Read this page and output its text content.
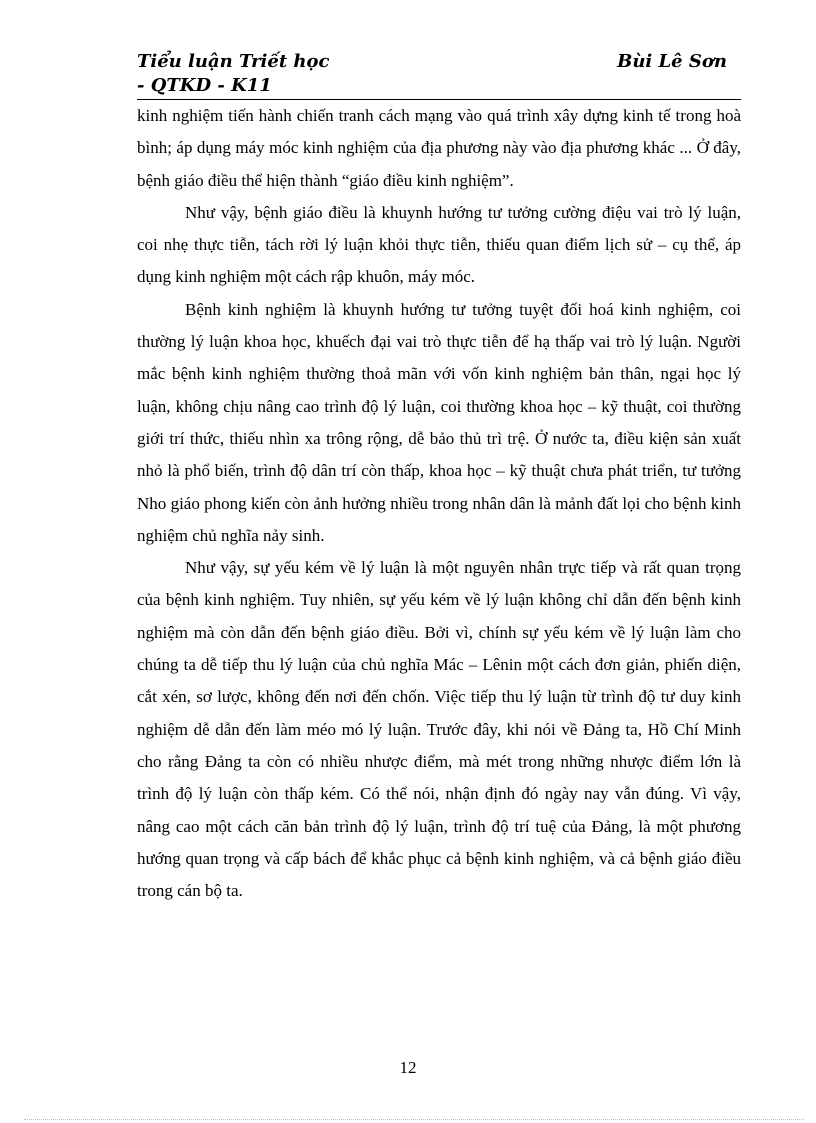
Tiểu luận Triết học
- QTKD - K11
Bùi Lê Sơn

kinh nghiệm tiến hành chiến tranh cách mạng vào quá trình xây dựng kinh tế trong hoà bình; áp dụng máy móc kinh nghiệm của địa phương này vào địa phương khác ... Ở đây, bệnh giáo điều thể hiện thành “giáo điều kinh nghiệm”.

Như vậy, bệnh giáo điều là khuynh hướng tư tưởng cường điệu vai trò lý luận, coi nhẹ thực tiễn, tách rời lý luận khỏi thực tiễn, thiếu quan điểm lịch sử – cụ thể, áp dụng kinh nghiệm một cách rập khuôn, máy móc.

Bệnh kinh nghiệm là khuynh hướng tư tưởng tuyệt đối hoá kinh nghiệm, coi thường lý luận khoa học, khuếch đại vai trò thực tiễn để hạ thấp vai trò lý luận. Người mắc bệnh kinh nghiệm thường thoả mãn với vốn kinh nghiệm bản thân, ngại học lý luận, không chịu nâng cao trình độ lý luận, coi thường khoa học – kỹ thuật, coi thường giới trí thức, thiếu nhìn xa trông rộng, dễ bảo thủ trì trệ. Ở nước ta, điều kiện sản xuất nhỏ là phổ biến, trình độ dân trí còn thấp, khoa học – kỹ thuật chưa phát triển, tư tưởng Nho giáo phong kiến còn ảnh hưởng nhiều trong nhân dân là mảnh đất lọi cho bệnh kinh nghiệm chủ nghĩa nảy sinh.

Như vậy, sự yếu kém về lý luận là một nguyên nhân trực tiếp và rất quan trọng của bệnh kinh nghiệm. Tuy nhiên, sự yếu kém về lý luận không chỉ dẫn đến bệnh kinh nghiệm mà còn dẫn đến bệnh giáo điều. Bởi vì, chính sự yếu kém về lý luận làm cho chúng ta dễ tiếp thu lý luận của chủ nghĩa Mác – Lênin một cách đơn giản, phiến diện, cắt xén, sơ lược, không đến nơi đến chốn. Việc tiếp thu lý luận từ trình độ tư duy kinh nghiệm dễ dẫn đến làm méo mó lý luận. Trước đây, khi nói về Đảng ta, Hồ Chí Minh cho rằng Đảng ta còn có nhiều nhược điểm, mà mét trong những nhược điểm lớn là trình độ lý luận còn thấp kém. Có thể nói, nhận định đó ngày nay vẫn đúng. Vì vậy, nâng cao một cách căn bản trình độ lý luận, trình độ trí tuệ của Đảng, là một phương hướng quan trọng và cấp bách để khắc phục cả bệnh kinh nghiệm, và cả bệnh giáo điều trong cán bộ ta.

12
